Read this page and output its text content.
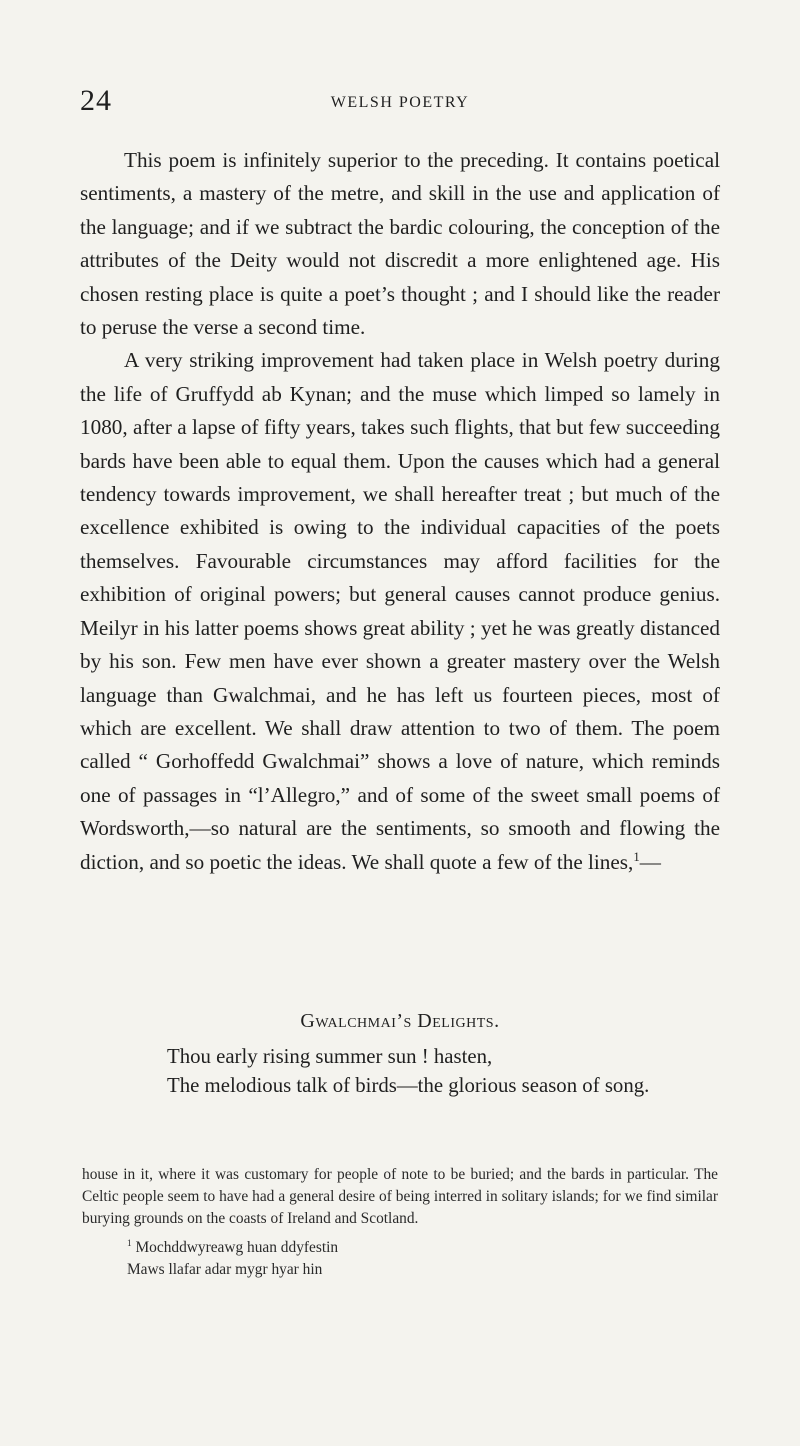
24	WELSH POETRY

This poem is infinitely superior to the preceding. It contains poetical sentiments, a mastery of the metre, and skill in the use and application of the language; and if we subtract the bardic colouring, the conception of the attributes of the Deity would not discredit a more enlightened age. His chosen resting place is quite a poet’s thought ; and I should like the reader to peruse the verse a second time.

A very striking improvement had taken place in Welsh poetry during the life of Gruffydd ab Kynan; and the muse which limped so lamely in 1080, after a lapse of fifty years, takes such flights, that but few succeeding bards have been able to equal them. Upon the causes which had a general tendency towards improvement, we shall hereafter treat ; but much of the excellence exhibited is owing to the individual capacities of the poets themselves. Favourable circumstances may afford facilities for the exhibition of original powers; but general causes cannot produce genius. Meilyr in his latter poems shows great ability ; yet he was greatly distanced by his son. Few men have ever shown a greater mastery over the Welsh language than Gwalchmai, and he has left us fourteen pieces, most of which are excellent. We shall draw attention to two of them. The poem called “ Gorhoffedd Gwalchmai” shows a love of nature, which reminds one of passages in “l’Allegro,” and of some of the sweet small poems of Wordsworth,—so natural are the sentiments, so smooth and flowing the diction, and so poetic the ideas. We shall quote a few of the lines,$^1$—

Gwalchmai’s Delights.
Thou early rising summer sun ! hasten,
The melodious talk of birds—the glorious season of song.

house in it, where it was customary for people of note to be buried; and the bards in particular. The Celtic people seem to have had a general desire of being interred in solitary islands; for we find similar burying grounds on the coasts of Ireland and Scotland.

$^1$ Mochddwyreawg huan ddyfestin
Maws llafar adar mygr hyar hin
